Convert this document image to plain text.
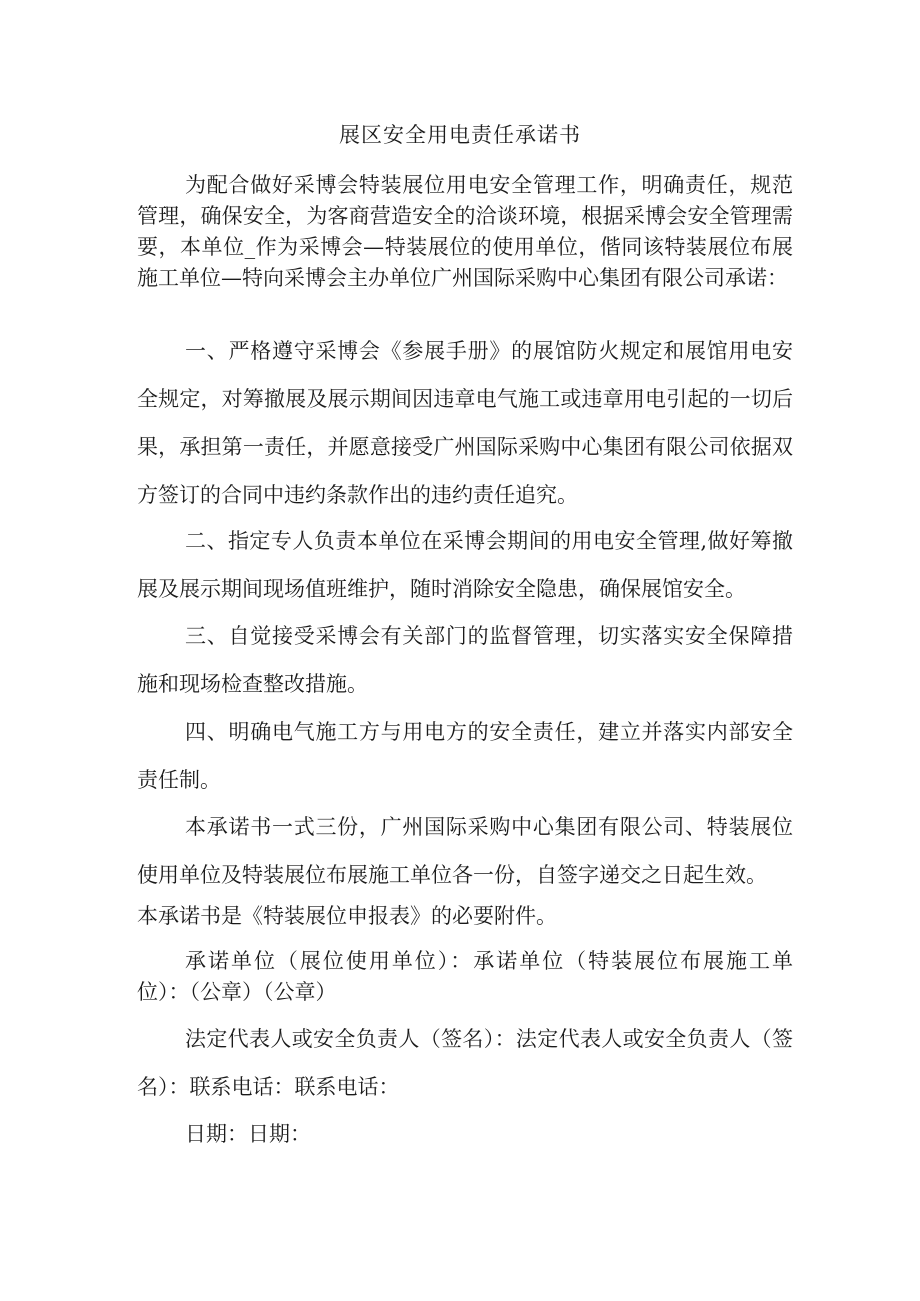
展区安全用电责任承诺书

为配合做好采博会特装展位用电安全管理工作，明确责任，规范管理，确保安全，为客商营造安全的洽谈环境，根据采博会安全管理需要，本单位_作为采博会—特装展位的使用单位，偕同该特装展位布展施工单位—特向采博会主办单位广州国际采购中心集团有限公司承诺：

一、严格遵守采博会《参展手册》的展馆防火规定和展馆用电安全规定，对筹撤展及展示期间因违章电气施工或违章用电引起的一切后果，承担第一责任，并愿意接受广州国际采购中心集团有限公司依据双方签订的合同中违约条款作出的违约责任追究。

二、指定专人负责本单位在采博会期间的用电安全管理,做好筹撤展及展示期间现场值班维护，随时消除安全隐患，确保展馆安全。

三、自觉接受采博会有关部门的监督管理，切实落实安全保障措施和现场检查整改措施。

四、明确电气施工方与用电方的安全责任，建立并落实内部安全责任制。

本承诺书一式三份，广州国际采购中心集团有限公司、特装展位使用单位及特装展位布展施工单位各一份，自签字递交之日起生效。

本承诺书是《特装展位申报表》的必要附件。

承诺单位（展位使用单位）：承诺单位（特装展位布展施工单位）：（公章）（公章）

法定代表人或安全负责人（签名）：法定代表人或安全负责人（签名）：联系电话：联系电话：

日期：日期：
